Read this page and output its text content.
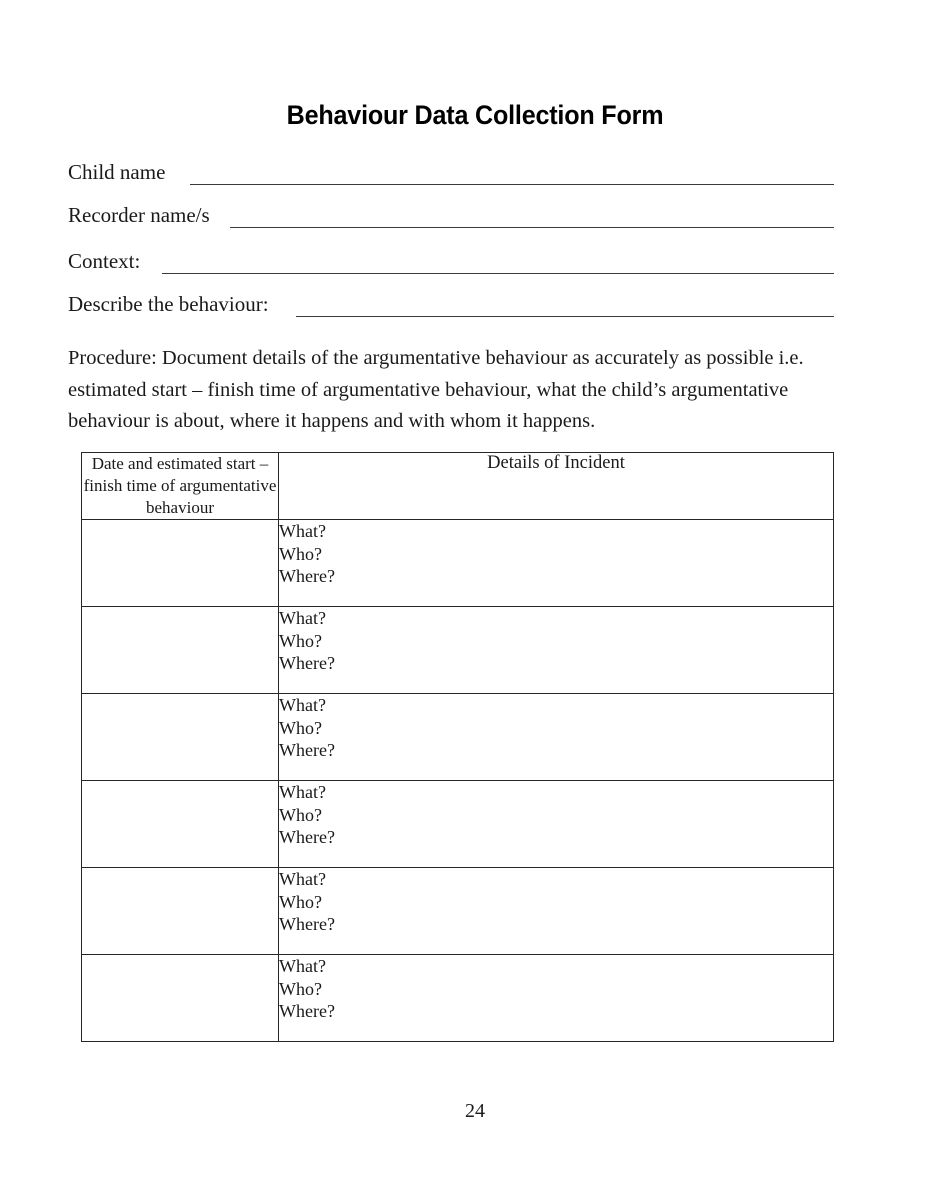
Behaviour Data Collection Form
Child name
Recorder name/s
Context:
Describe the behaviour:
Procedure: Document details of the argumentative behaviour as accurately as possible i.e. estimated start – finish time of argumentative behaviour, what the child’s argumentative behaviour is about, where it happens and with whom it happens.
Date and estimated start – finish time of argumentative behaviour	Details of Incident

	What?
Who?
Where?

	What?
Who?
Where?

	What?
Who?
Where?

	What?
Who?
Where?

	What?
Who?
Where?

	What?
Who?
Where?
24
